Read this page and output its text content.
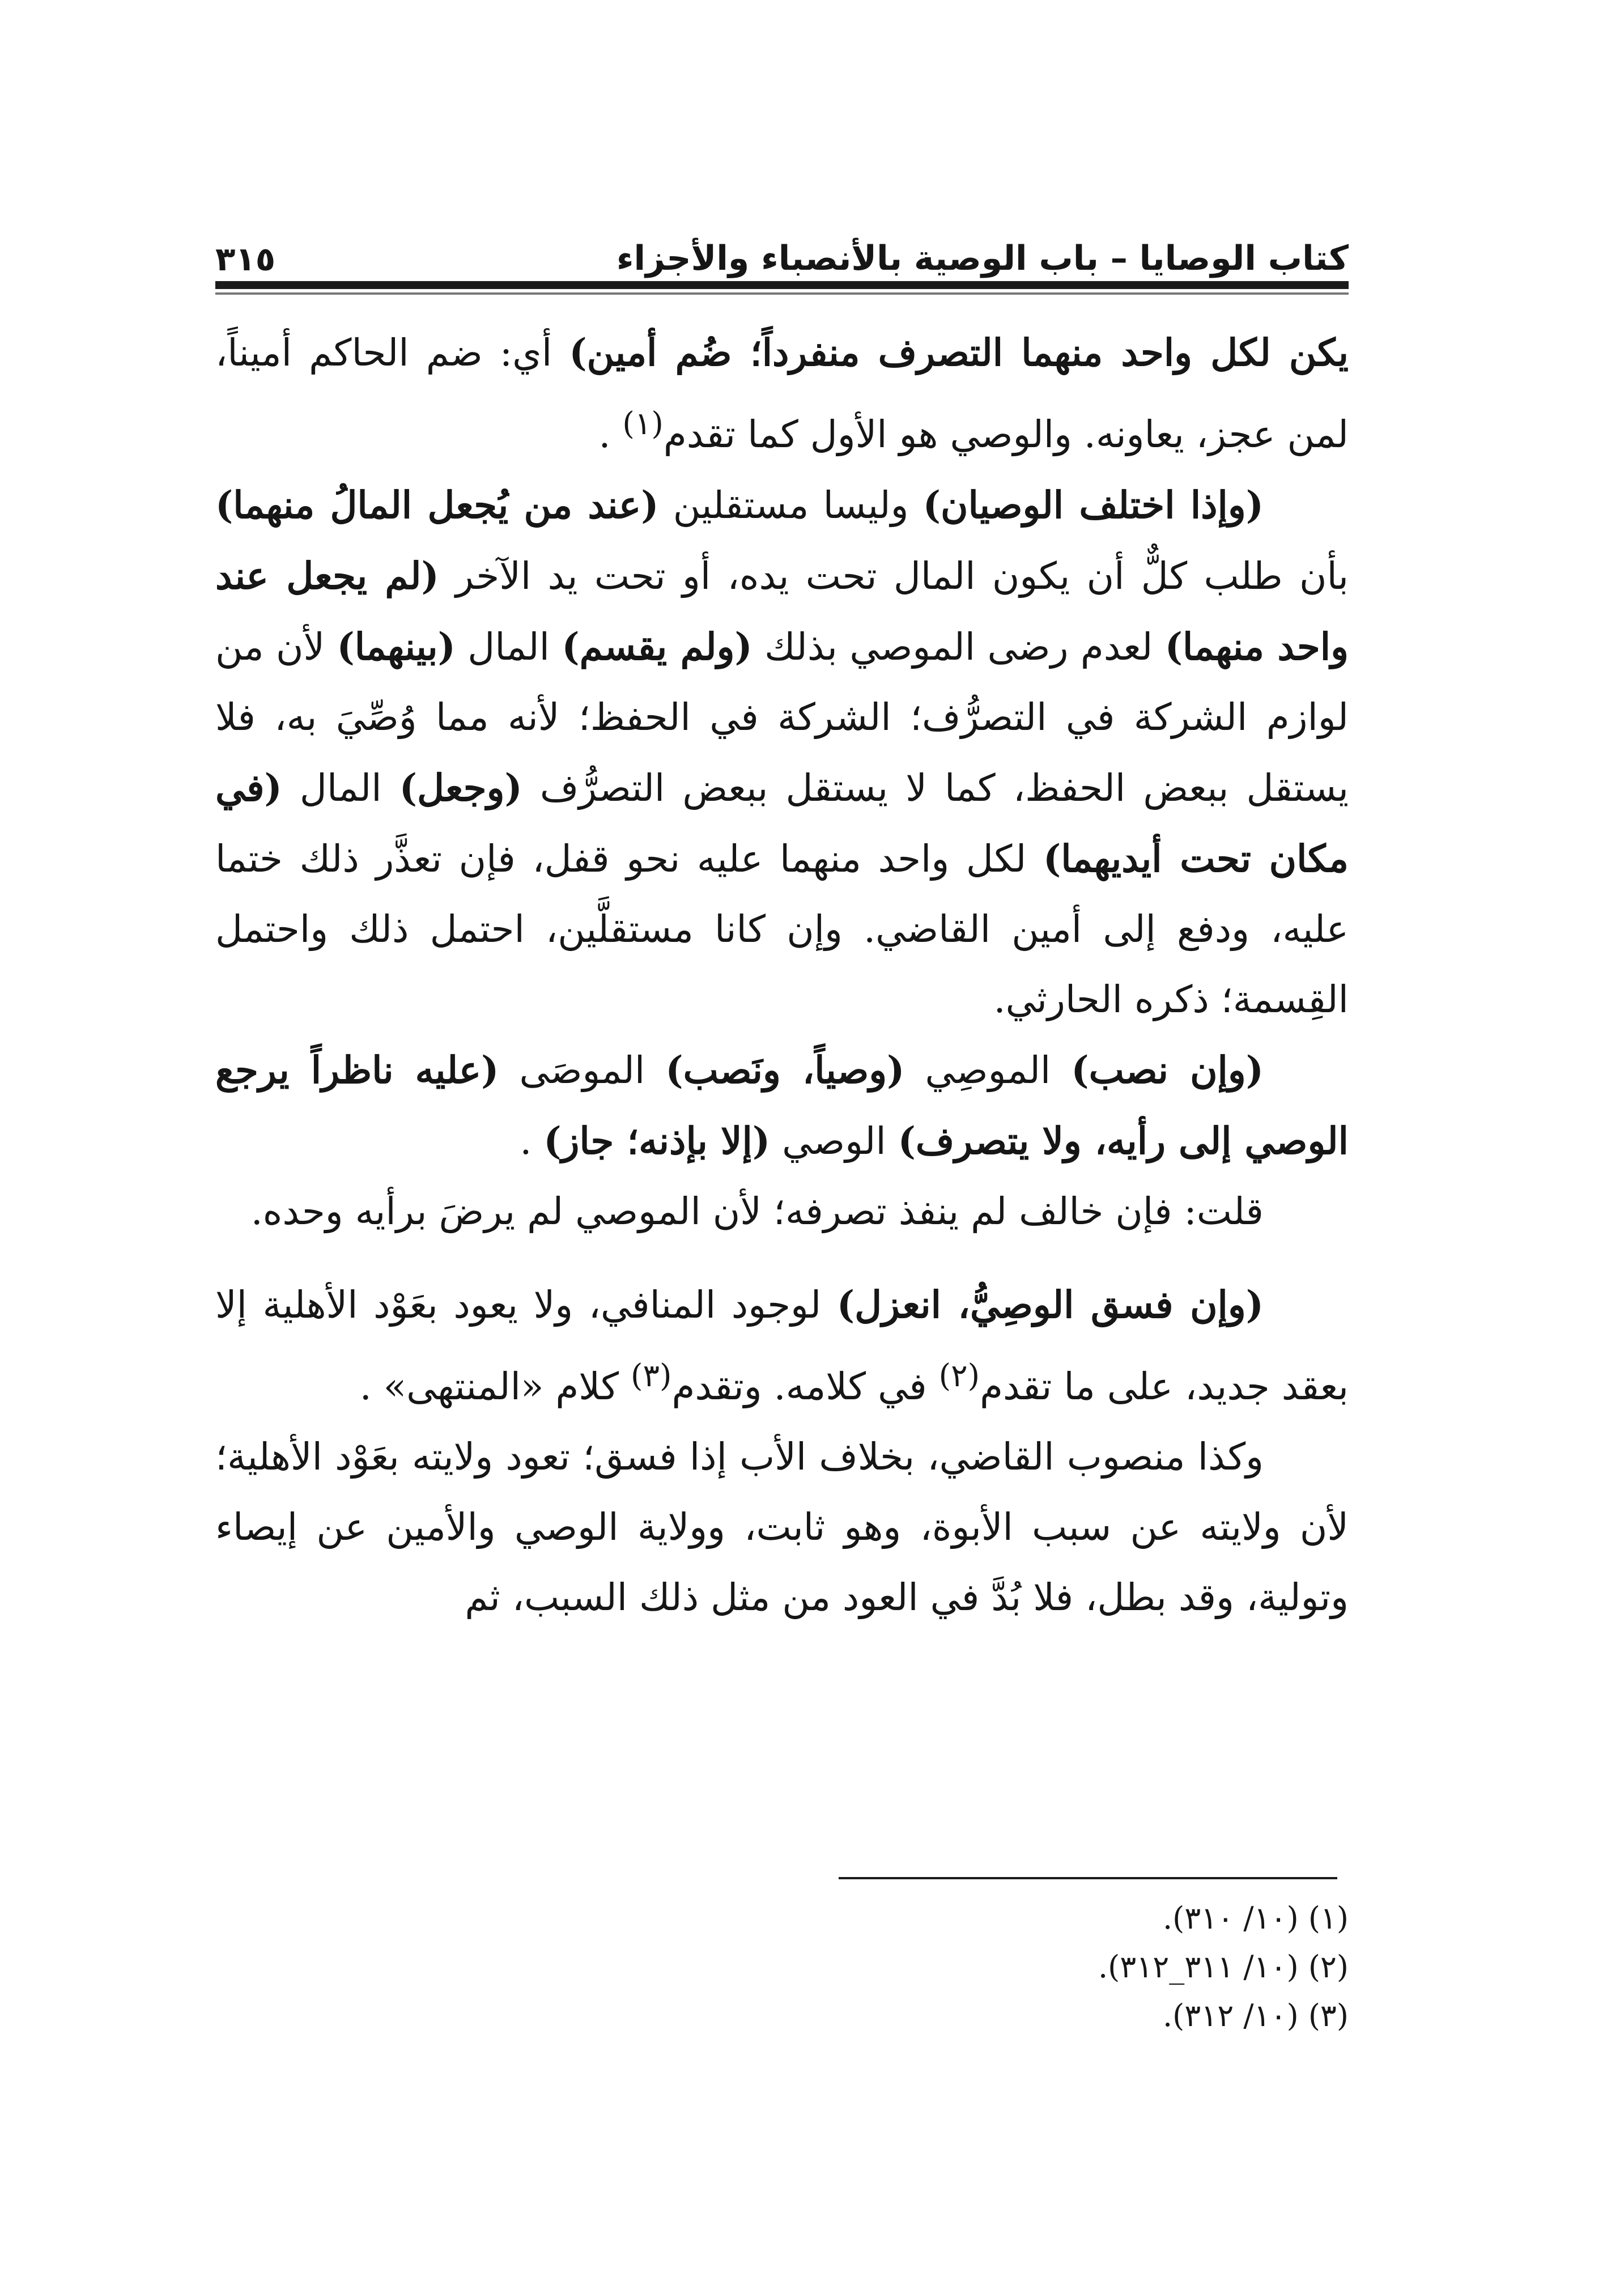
كتاب الوصايا – باب الوصية بالأنصباء والأجزاء
٣١٥

يكن لكل واحد منهما التصرف منفرداً؛ ضُم أمين) أي: ضم الحاكم أميناً، لمن عجز، يعاونه. والوصي هو الأول كما تقدم$^{(١)}$ .

(وإذا اختلف الوصيان) وليسا مستقلين (عند من يُجعل المالُ منهما) بأن طلب كلٌّ أن يكون المال تحت يده، أو تحت يد الآخر (لم يجعل عند واحد منهما) لعدم رضى الموصي بذلك (ولم يقسم) المال (بينهما) لأن من لوازم الشركة في التصرُّف؛ الشركة في الحفظ؛ لأنه مما وُصِّيَ به، فلا يستقل ببعض الحفظ، كما لا يستقل ببعض التصرُّف (وجعل) المال (في مكان تحت أيديهما) لكل واحد منهما عليه نحو قفل، فإن تعذَّر ذلك ختما عليه، ودفع إلى أمين القاضي. وإن كانا مستقلَّين، احتمل ذلك واحتمل القِسمة؛ ذكره الحارثي.

(وإن نصب) الموصِي (وصياً، ونَصب) الموصَى (عليه ناظراً يرجع الوصي إلى رأيه، ولا يتصرف) الوصي (إلا بإذنه؛ جاز) .

قلت: فإن خالف لم ينفذ تصرفه؛ لأن الموصي لم يرضَ برأيه وحده.

(وإن فسق الوصِيُّ، انعزل) لوجود المنافي، ولا يعود بعَوْد الأهلية إلا بعقد جديد، على ما تقدم$^{(٢)}$ في كلامه. وتقدم$^{(٣)}$ كلام «المنتهى» .

وكذا منصوب القاضي، بخلاف الأب إذا فسق؛ تعود ولايته بعَوْد الأهلية؛ لأن ولايته عن سبب الأبوة، وهو ثابت، وولاية الوصي والأمين عن إيصاء وتولية، وقد بطل، فلا بُدَّ في العود من مثل ذلك السبب، ثم

(١) (١٠/ ٣١٠).

(٢) (١٠/ ٣١١_٣١٢).

(٣) (١٠/ ٣١٢).
